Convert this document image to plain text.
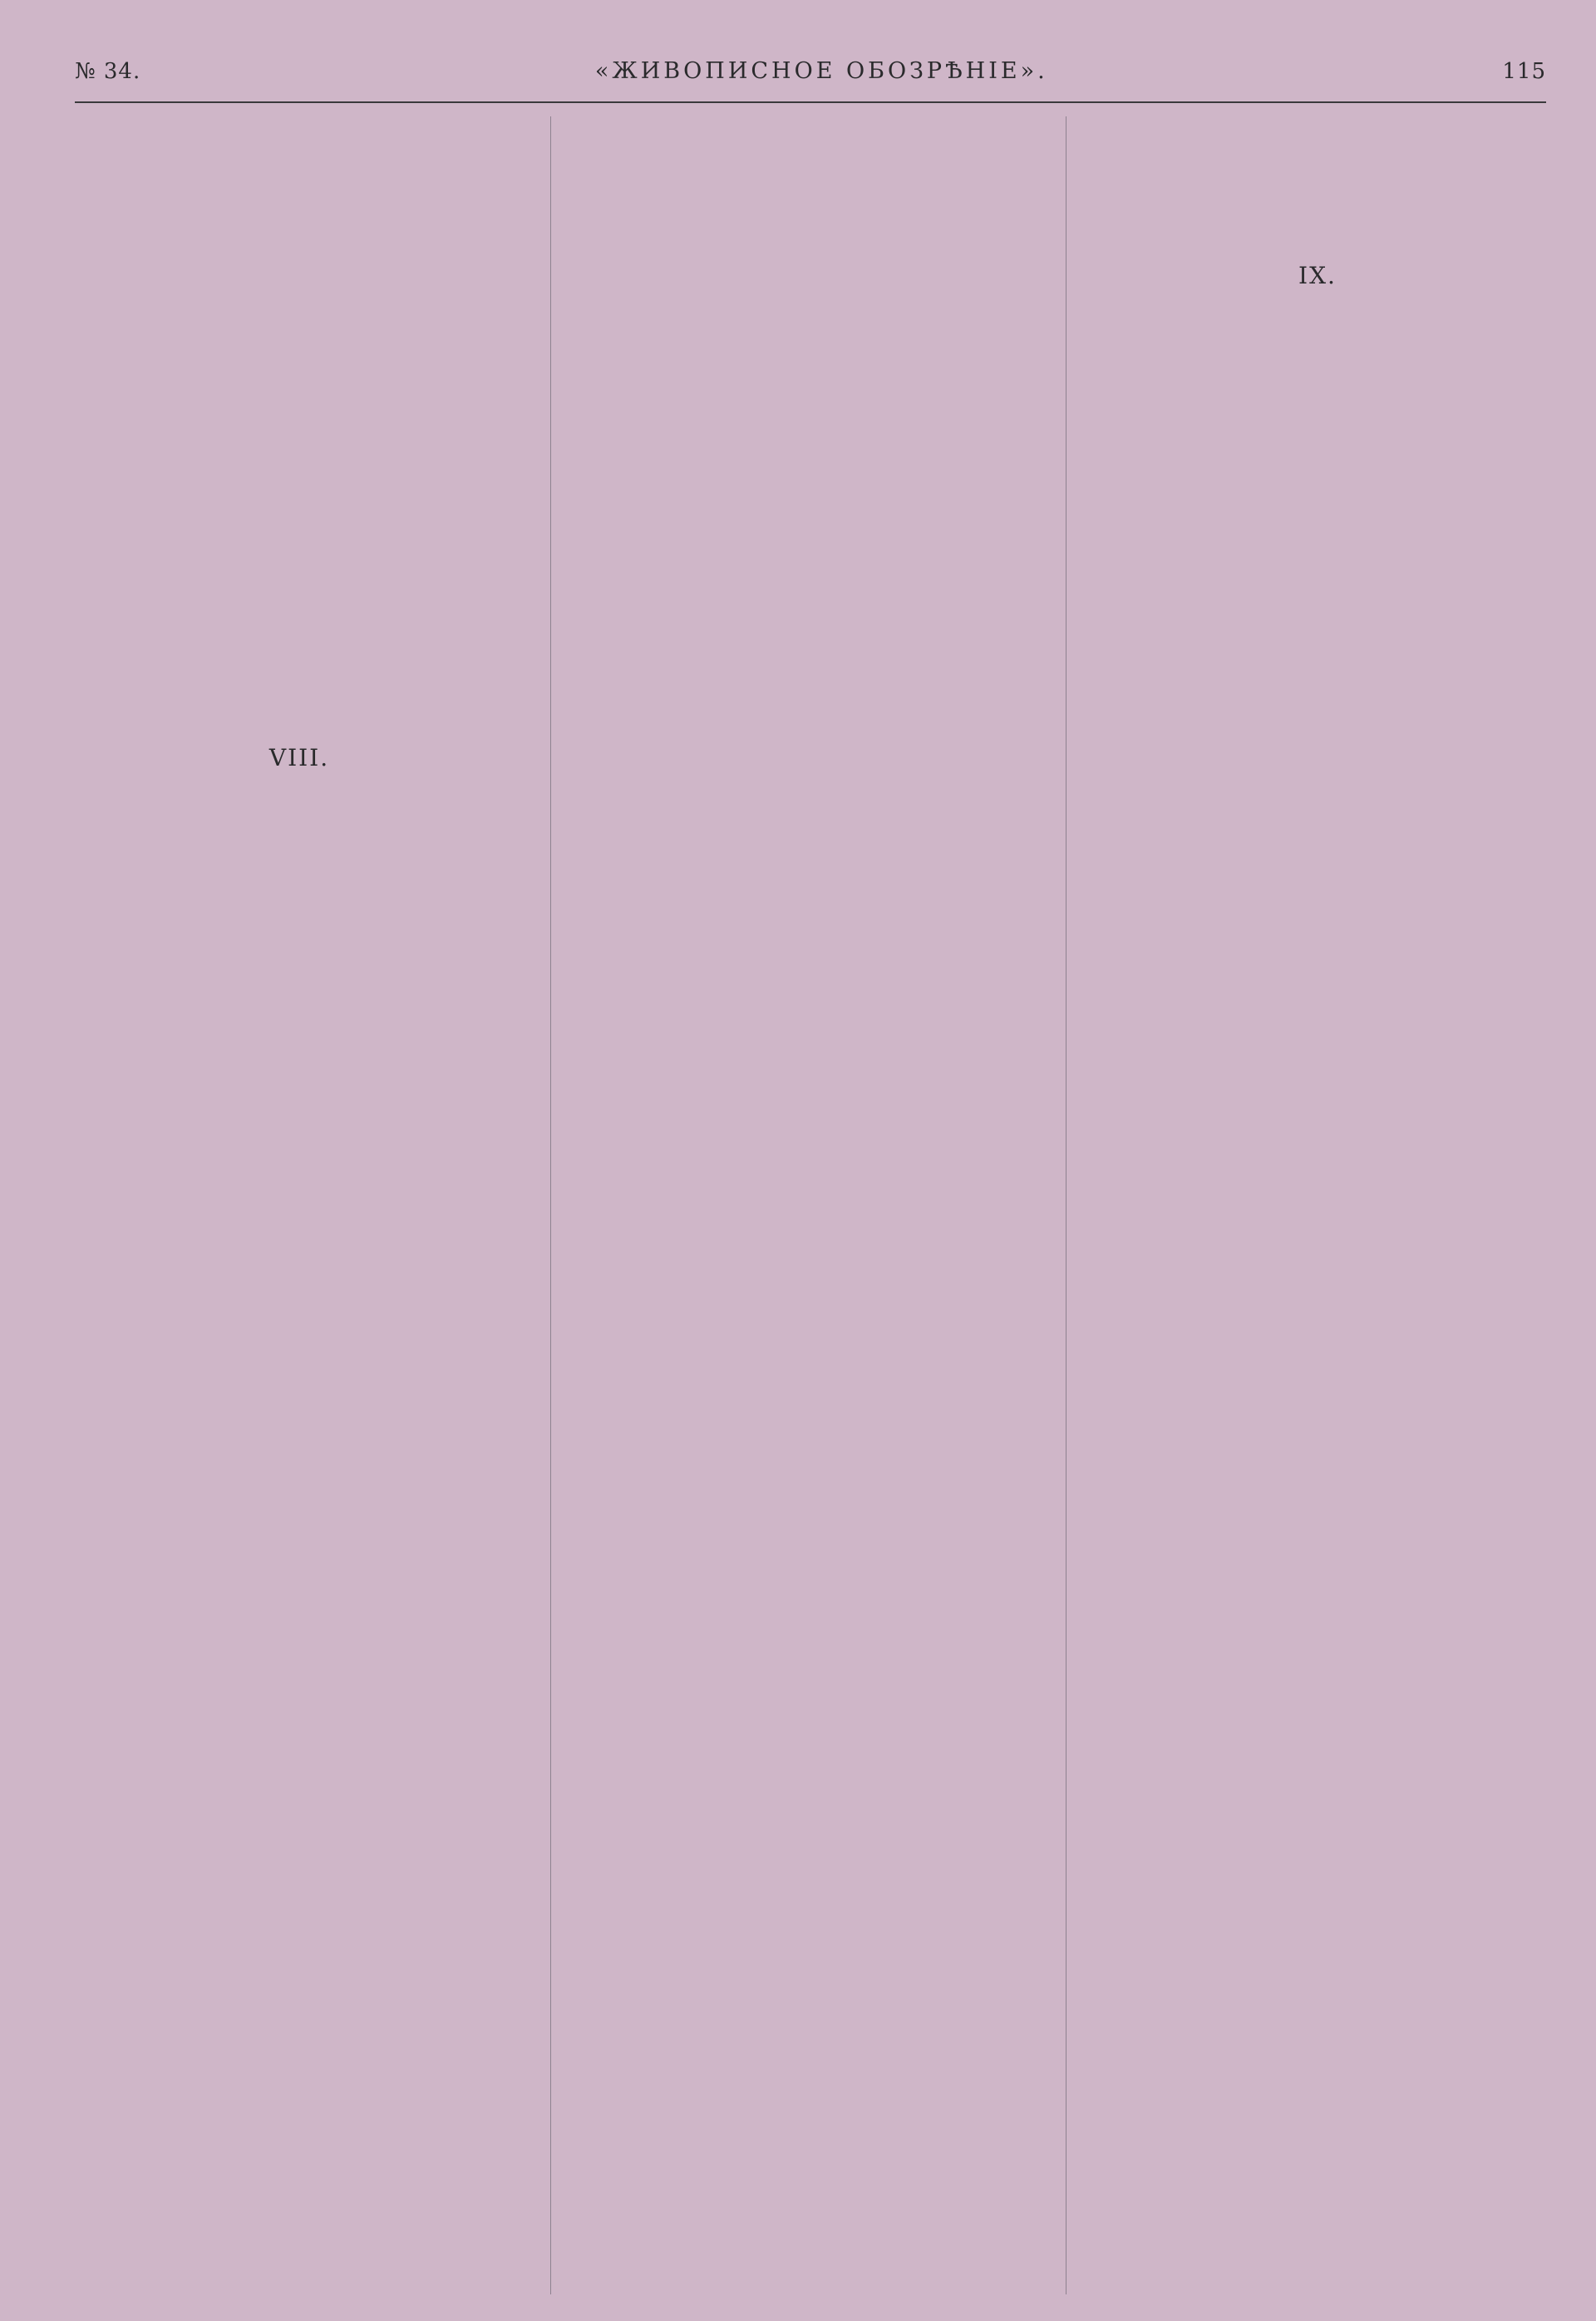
№ 34.	«ЖИВОПИСНОЕ ОБОЗРѢНІЕ».	115
VIII.
IX.
